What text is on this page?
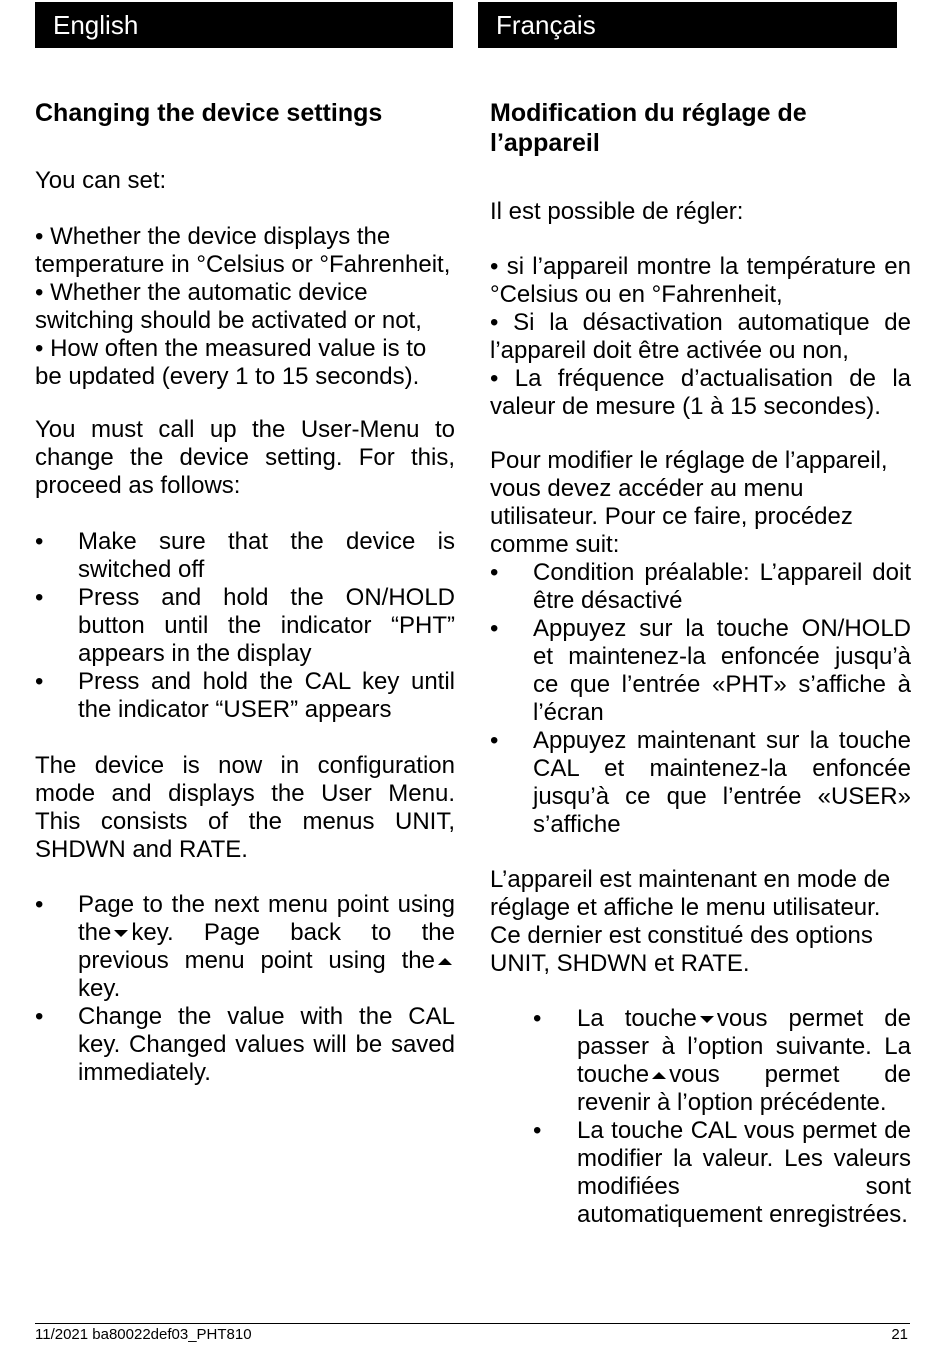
English	Français
Changing the device settings

You can set:

• Whether the device displays the temperature in °Celsius or °Fahrenheit,
• Whether the automatic device switching should be activated or not,
• How often the measured value is to be updated (every 1 to 15 seconds).

You must call up the User-Menu to change the device setting. For this, proceed as follows:

• Make sure that the device is switched off
• Press and hold the ON/HOLD button until the indicator “PHT” appears in the display
• Press and hold the CAL key until the indicator “USER” appears

The device is now in configuration mode and displays the User Menu. This consists of the menus UNIT, SHDWN and RATE.

• Page to the next menu point using the key. Page back to the previous menu point using thekey.
• Change the value with the CAL key. Changed values will be saved immediately.
Modification du réglage de l’appareil

Il est possible de régler:

• si l’appareil montre la température en °Celsius ou en °Fahrenheit,
• Si la désactivation automatique de l’appareil doit être activée ou non,
• La fréquence d’actualisation de la valeur de mesure (1 à 15 secondes).

Pour modifier le réglage de l’appareil, vous devez accéder au menu utilisateur. Pour ce faire, procédez comme suit:

• Condition préalable: L’appareil doit être désactivé
• Appuyez sur la touche ON/HOLD et maintenez-la enfoncée jusqu’à ce que l’entrée «PHT» s’affiche à l’écran
• Appuyez maintenant sur la touche CAL et maintenez-la enfoncée jusqu’à ce que l’entrée «USER» s’affiche

L’appareil est maintenant en mode de réglage et affiche le menu utilisateur. Ce dernier est constitué des options UNIT, SHDWN et RATE.

• La touche vous permet de passer à l’option suivante. La touche vous permet de revenir à l’option précédente.
• La touche CAL vous permet de modifier la valeur. Les valeurs modifiées sont automatiquement enregistrées.
11/2021 ba80022def03_PHT810	21
